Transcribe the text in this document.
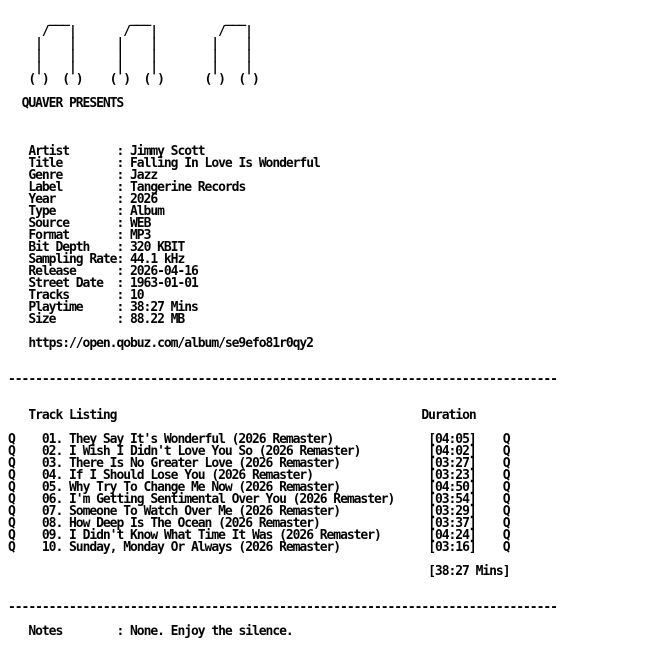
___         ___           ___
/   |       /   |         /   |
|    |      |    |        |    |
|    |      |    |        |    |
|    |      |    |        |    |
( )  ( )    ( )  ( )      ( )  ( )

QUAVER PRESENTS

Artist       : Jimmy Scott
Title        : Falling In Love Is Wonderful
Genre        : Jazz
Label        : Tangerine Records
Year         : 2026
Type         : Album
Source       : WEB
Format       : MP3
Bit Depth    : 320 KBIT
Sampling Rate: 44.1 kHz
Release      : 2026-04-16
Street Date  : 1963-01-01
Tracks       : 10
Playtime     : 38:27 Mins
Size         : 88.22 MB

https://open.qobuz.com/album/se9efo81r0qy2

---------------------------------------------------------------------------------

Track Listing	Duration

Q 01. They Say It's Wonderful (2026 Remaster)	[04:05] Q
Q 02. I Wish I Didn't Love You So (2026 Remaster)	[04:02] Q
Q 03. There Is No Greater Love (2026 Remaster)	[03:27] Q
Q 04. If I Should Lose You (2026 Remaster)	[03:23] Q
Q 05. Why Try To Change Me Now (2026 Remaster)	[04:50] Q
Q 06. I'm Getting Sentimental Over You (2026 Remaster)	[03:54] Q
Q 07. Someone To Watch Over Me (2026 Remaster)	[03:29] Q
Q 08. How Deep Is The Ocean (2026 Remaster)	[03:37] Q
Q 09. I Didn't Know What Time It Was (2026 Remaster)	[04:24] Q
Q 10. Sunday, Monday Or Always (2026 Remaster)	[03:16] Q

[38:27 Mins]

---------------------------------------------------------------------------------

Notes        : None. Enjoy the silence.
